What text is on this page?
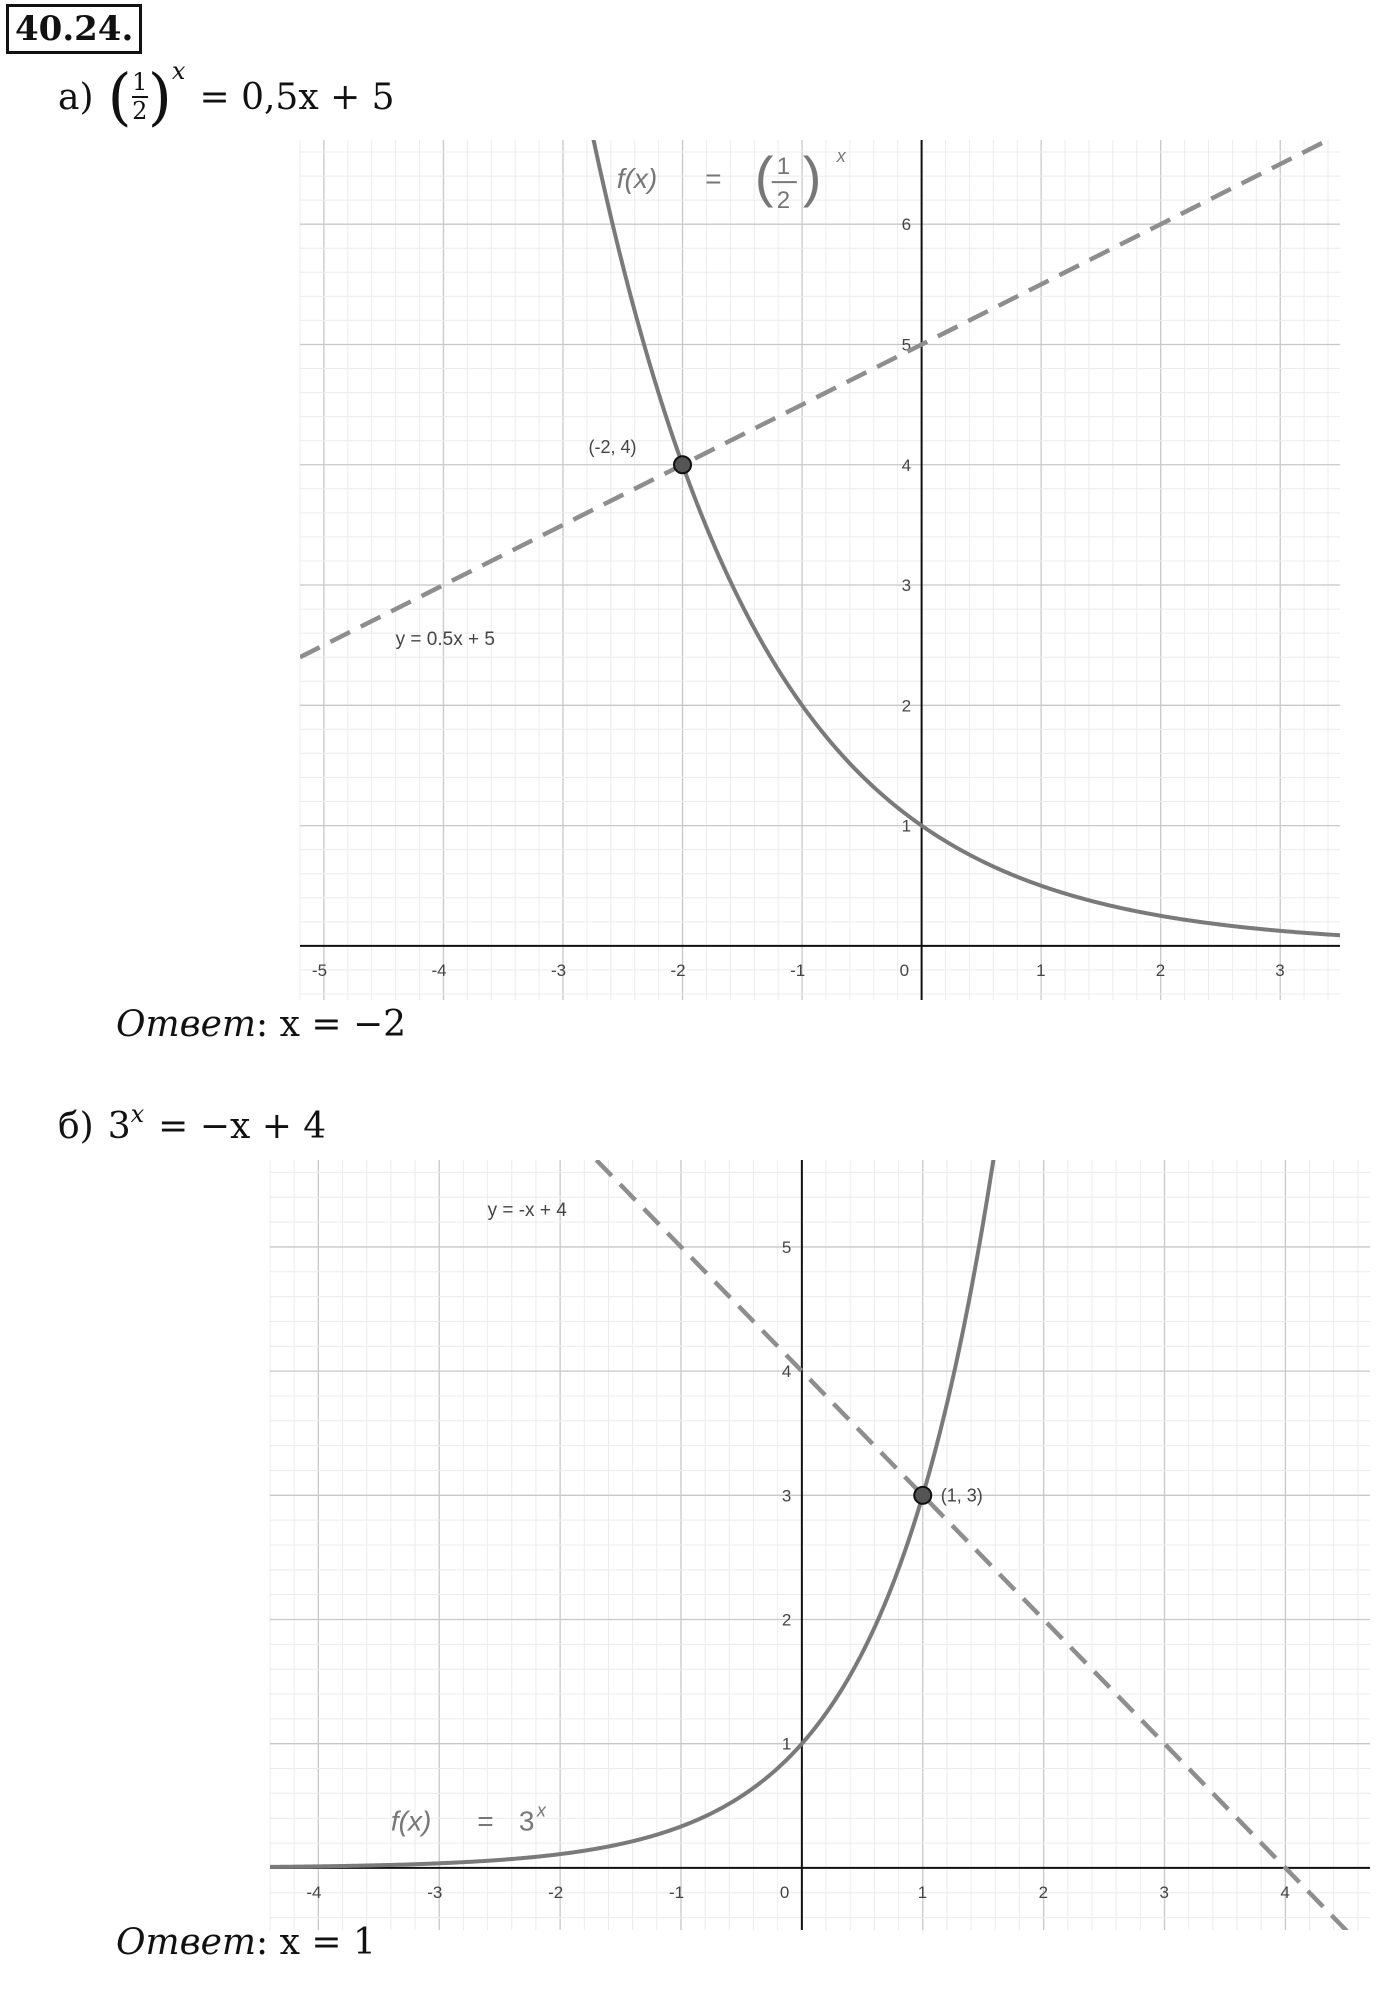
40.24.
а) ( $\frac{1}{2}$ ) x
= 0,5x + 5
-5	-4	-3	-2	-1	0	1	2	3
1
2
3
4
5
6
(-2, 4)
y = 0.5x + 5
f(x) = ( 1
2 ) x
Ответ: x = −2
б) $3^x = -x + 4$
-4	-3	-2	-1	0	1	2	3	4
1
2
3
4
5
(1, 3)
y = -x + 4
f(x) = 3 x
Ответ: x = 1
